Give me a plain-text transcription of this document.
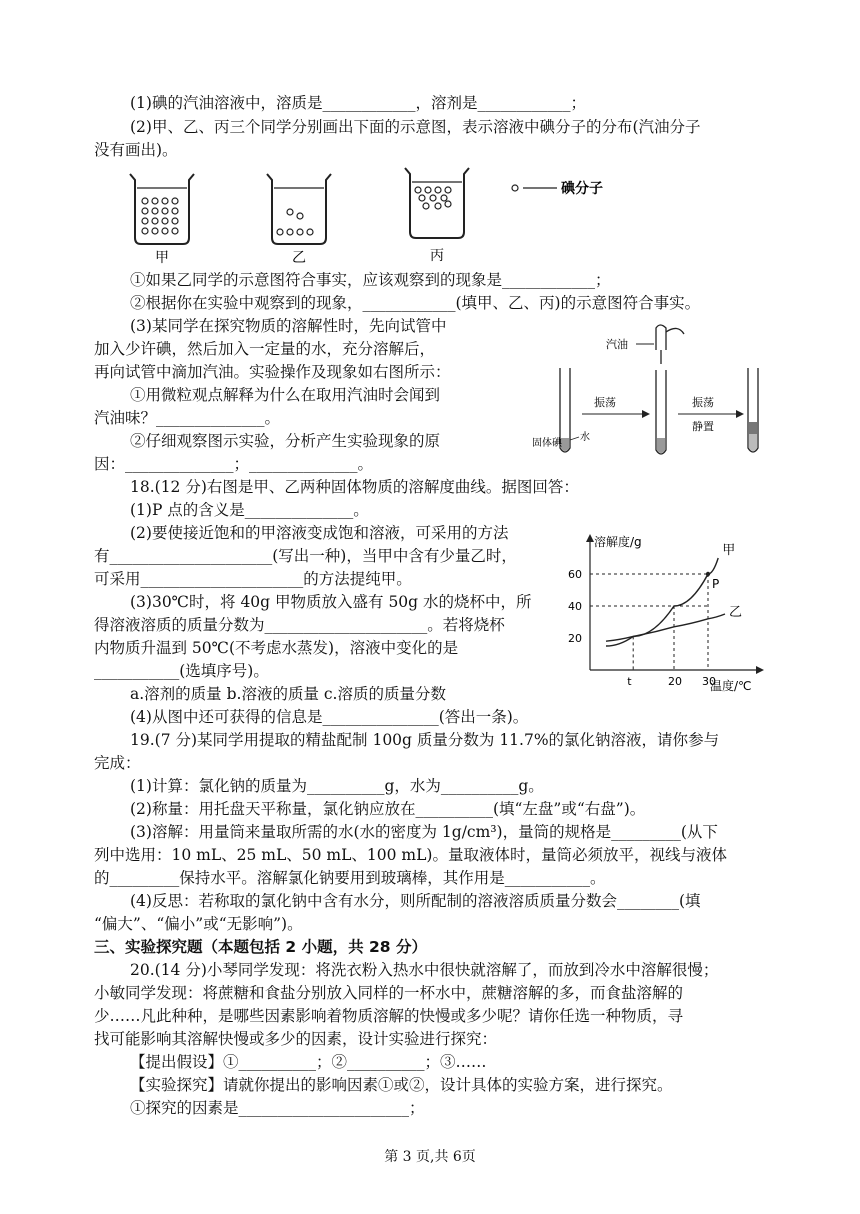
(1)碘的汽油溶液中，溶质是____________，溶剂是____________；
(2)甲、乙、丙三个同学分别画出下面的示意图，表示溶液中碘分子的分布(汽油分子
没有画出)。
①如果乙同学的示意图符合事实，应该观察到的现象是____________；
②根据你在实验中观察到的现象，____________(填甲、乙、丙)的示意图符合事实。
(3)某同学在探究物质的溶解性时，先向试管中
加入少许碘，然后加入一定量的水，充分溶解后，
再向试管中滴加汽油。实验操作及现象如右图所示：
①用微粒观点解释为什么在取用汽油时会闻到
汽油味？______________。
②仔细观察图示实验，分析产生实验现象的原
因：______________；______________。
18.(12 分)右图是甲、乙两种固体物质的溶解度曲线。据图回答：
(1)P 点的含义是______________。
(2)要使接近饱和的甲溶液变成饱和溶液，可采用的方法
有_____________________(写出一种)，当甲中含有少量乙时，
可采用_____________________的方法提纯甲。
(3)30℃时，将 40g 甲物质放入盛有 50g 水的烧杯中，所
得溶液溶质的质量分数为_____________________。若将烧杯
内物质升温到 50℃(不考虑水蒸发)，溶液中变化的是
___________(选填序号)。
a.溶剂的质量 b.溶液的质量 c.溶质的质量分数
(4)从图中还可获得的信息是_______________(答出一条)。
19.(7 分)某同学用提取的精盐配制 100g 质量分数为 11.7%的氯化钠溶液，请你参与
完成：
(1)计算：氯化钠的质量为__________g，水为__________g。
(2)称量：用托盘天平称量，氯化钠应放在__________(填“左盘”或“右盘”)。
(3)溶解：用量筒来量取所需的水(水的密度为 1g/cm³)，量筒的规格是_________(从下
列中选用：10 mL、25 mL、50 mL、100 mL)。量取液体时，量筒必须放平，视线与液体
的_________保持水平。溶解氯化钠要用到玻璃棒，其作用是___________。
(4)反思：若称取的氯化钠中含有水分，则所配制的溶液溶质质量分数会________(填
“偏大”、“偏小”或“无影响”)。
三、实验探究题（本题包括 2 小题，共 28 分）
20.(14 分)小琴同学发现：将洗衣粉入热水中很快就溶解了，而放到冷水中溶解很慢；
小敏同学发现：将蔗糖和食盐分别放入同样的一杯水中，蔗糖溶解的多，而食盐溶解的
少……凡此种种，是哪些因素影响着物质溶解的快慢或多少呢？请你任选一种物质，寻
找可能影响其溶解快慢或多少的因素，设计实验进行探究：
【提出假设】①__________；②__________；③……
【实验探究】请就你提出的影响因素①或②，设计具体的实验方案，进行探究。
①探究的因素是______________________；
甲	乙	丙
碘分子
汽油
振荡	振荡
静置
固体碘
水
溶解度/g
温度/℃
20
40
60
t	20 30
甲
乙
P
第 3 页,共 6页
